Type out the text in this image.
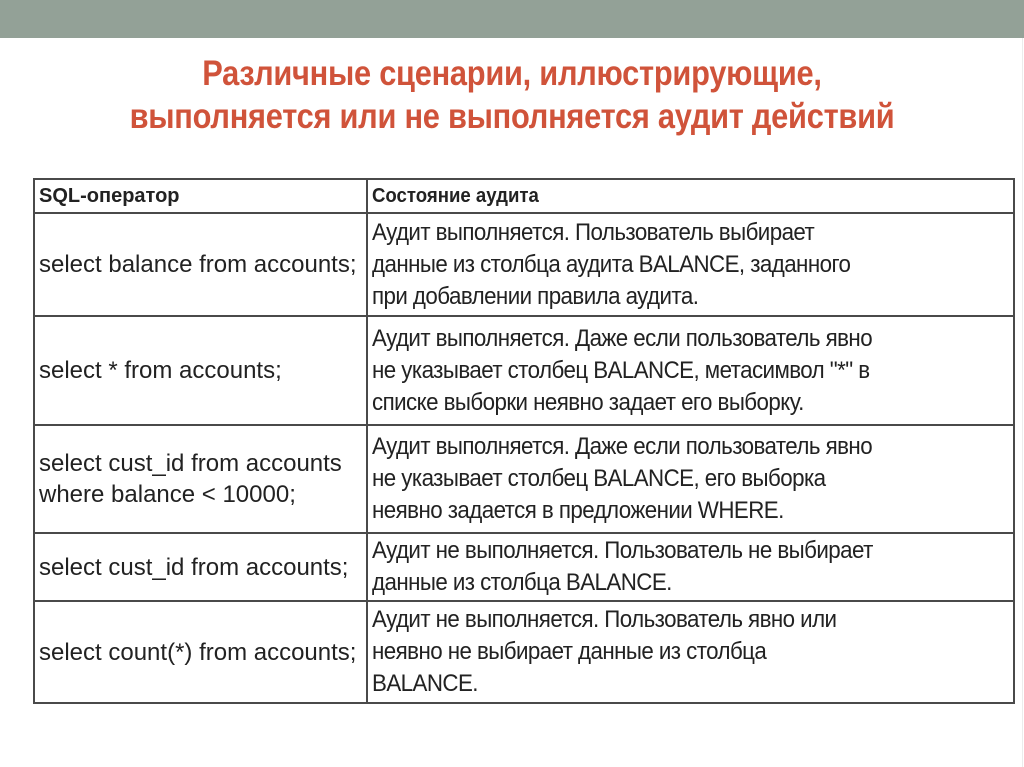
Различные сценарии, иллюстрирующие,
выполняется или не выполняется аудит действий
SQL-оператор	Состояние аудита
select balance from accounts;	Аудит выполняется. Пользователь выбирает
данные из столбца аудита BALANCE, заданного
при добавлении правила аудита.
select * from accounts;	Аудит выполняется. Даже если пользователь явно
не указывает столбец BALANCE, метасимвол "*" в
списке выборки неявно задает его выборку.
select cust_id from accounts where balance < 10000;	Аудит выполняется. Даже если пользователь явно
не указывает столбец BALANCE, его выборка
неявно задается в предложении WHERE.
select cust_id from accounts;	Аудит не выполняется. Пользователь не выбирает
данные из столбца BALANCE.
select count(*) from accounts;	Аудит не выполняется. Пользователь явно или
неявно не выбирает данные из столбца
BALANCE.
